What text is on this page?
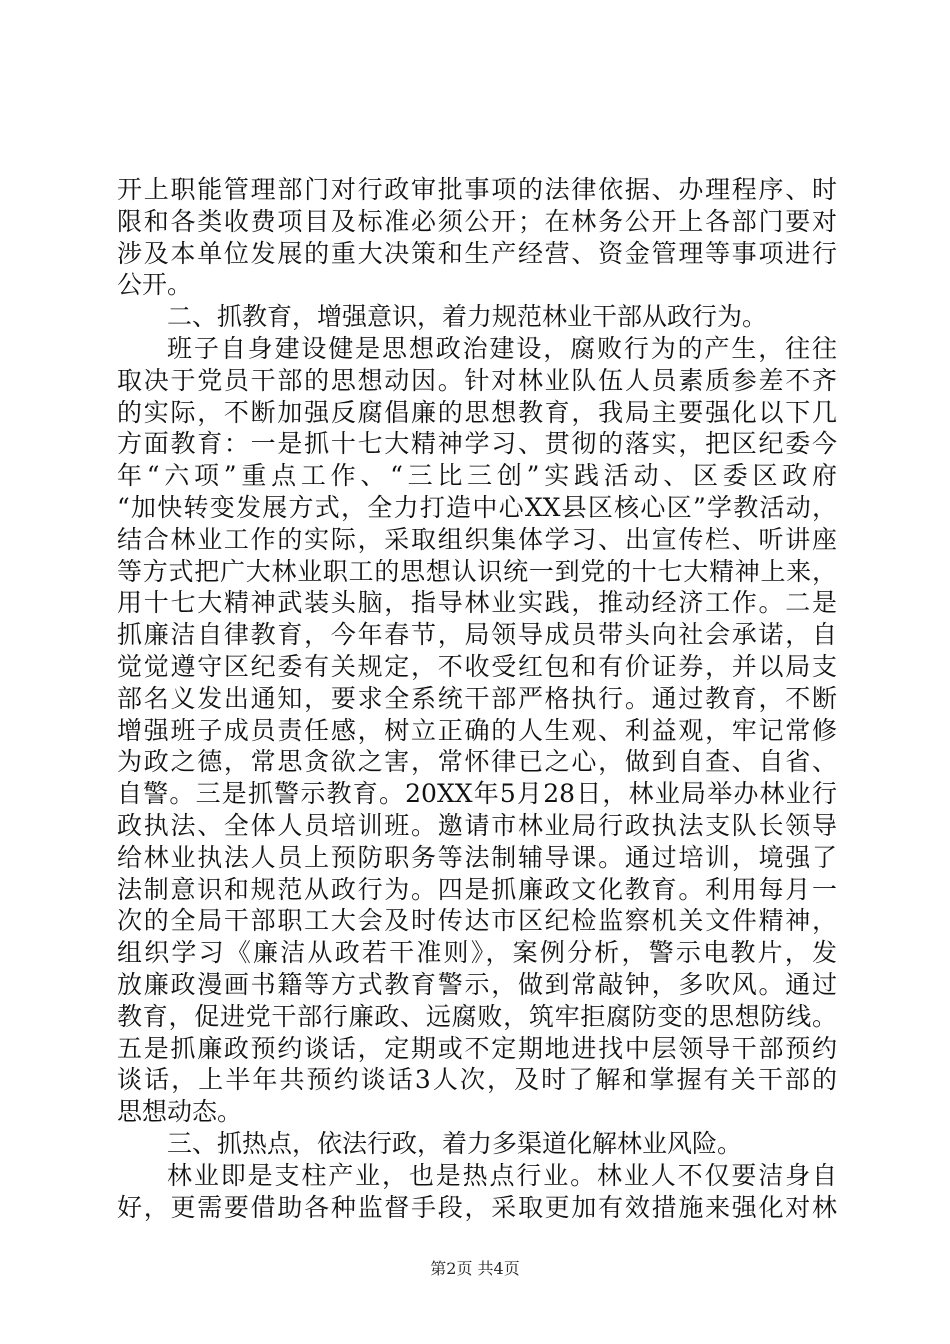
开上职能管理部门对行政审批事项的法律依据、办理程序、时
限和各类收费项目及标准必须公开；在林务公开上各部门要对
涉及本单位发展的重大决策和生产经营、资金管理等事项进行
公开。
二、抓教育，增强意识，着力规范林业干部从政行为。
班子自身建设健是思想政治建设，腐败行为的产生，往往
取决于党员干部的思想动因。针对林业队伍人员素质参差不齐
的实际，不断加强反腐倡廉的思想教育，我局主要强化以下几
方面教育：一是抓十七大精神学习、贯彻的落实，把区纪委今
年“六项”重点工作、“三比三创”实践活动、区委区政府
“加快转变发展方式，全力打造中心XX县区核心区”学教活动，
结合林业工作的实际，采取组织集体学习、出宣传栏、听讲座
等方式把广大林业职工的思想认识统一到党的十七大精神上来，
用十七大精神武装头脑，指导林业实践，推动经济工作。二是
抓廉洁自律教育，今年春节，局领导成员带头向社会承诺，自
觉觉遵守区纪委有关规定，不收受红包和有价证券，并以局支
部名义发出通知，要求全系统干部严格执行。通过教育，不断
增强班子成员责任感，树立正确的人生观、利益观，牢记常修
为政之德，常思贪欲之害，常怀律已之心，做到自查、自省、
自警。三是抓警示教育。20XX年5月28日，林业局举办林业行
政执法、全体人员培训班。邀请市林业局行政执法支队长领导
给林业执法人员上预防职务等法制辅导课。通过培训，境强了
法制意识和规范从政行为。四是抓廉政文化教育。利用每月一
次的全局干部职工大会及时传达市区纪检监察机关文件精神，
组织学习《廉洁从政若干准则》，案例分析，警示电教片，发
放廉政漫画书籍等方式教育警示，做到常敲钟，多吹风。通过
教育，促进党干部行廉政、远腐败，筑牢拒腐防变的思想防线。
五是抓廉政预约谈话，定期或不定期地进找中层领导干部预约
谈话，上半年共预约谈话3人次，及时了解和掌握有关干部的
思想动态。
三、抓热点，依法行政，着力多渠道化解林业风险。
林业即是支柱产业，也是热点行业。林业人不仅要洁身自
好，更需要借助各种监督手段，采取更加有效措施来强化对林
第2页 共4页
